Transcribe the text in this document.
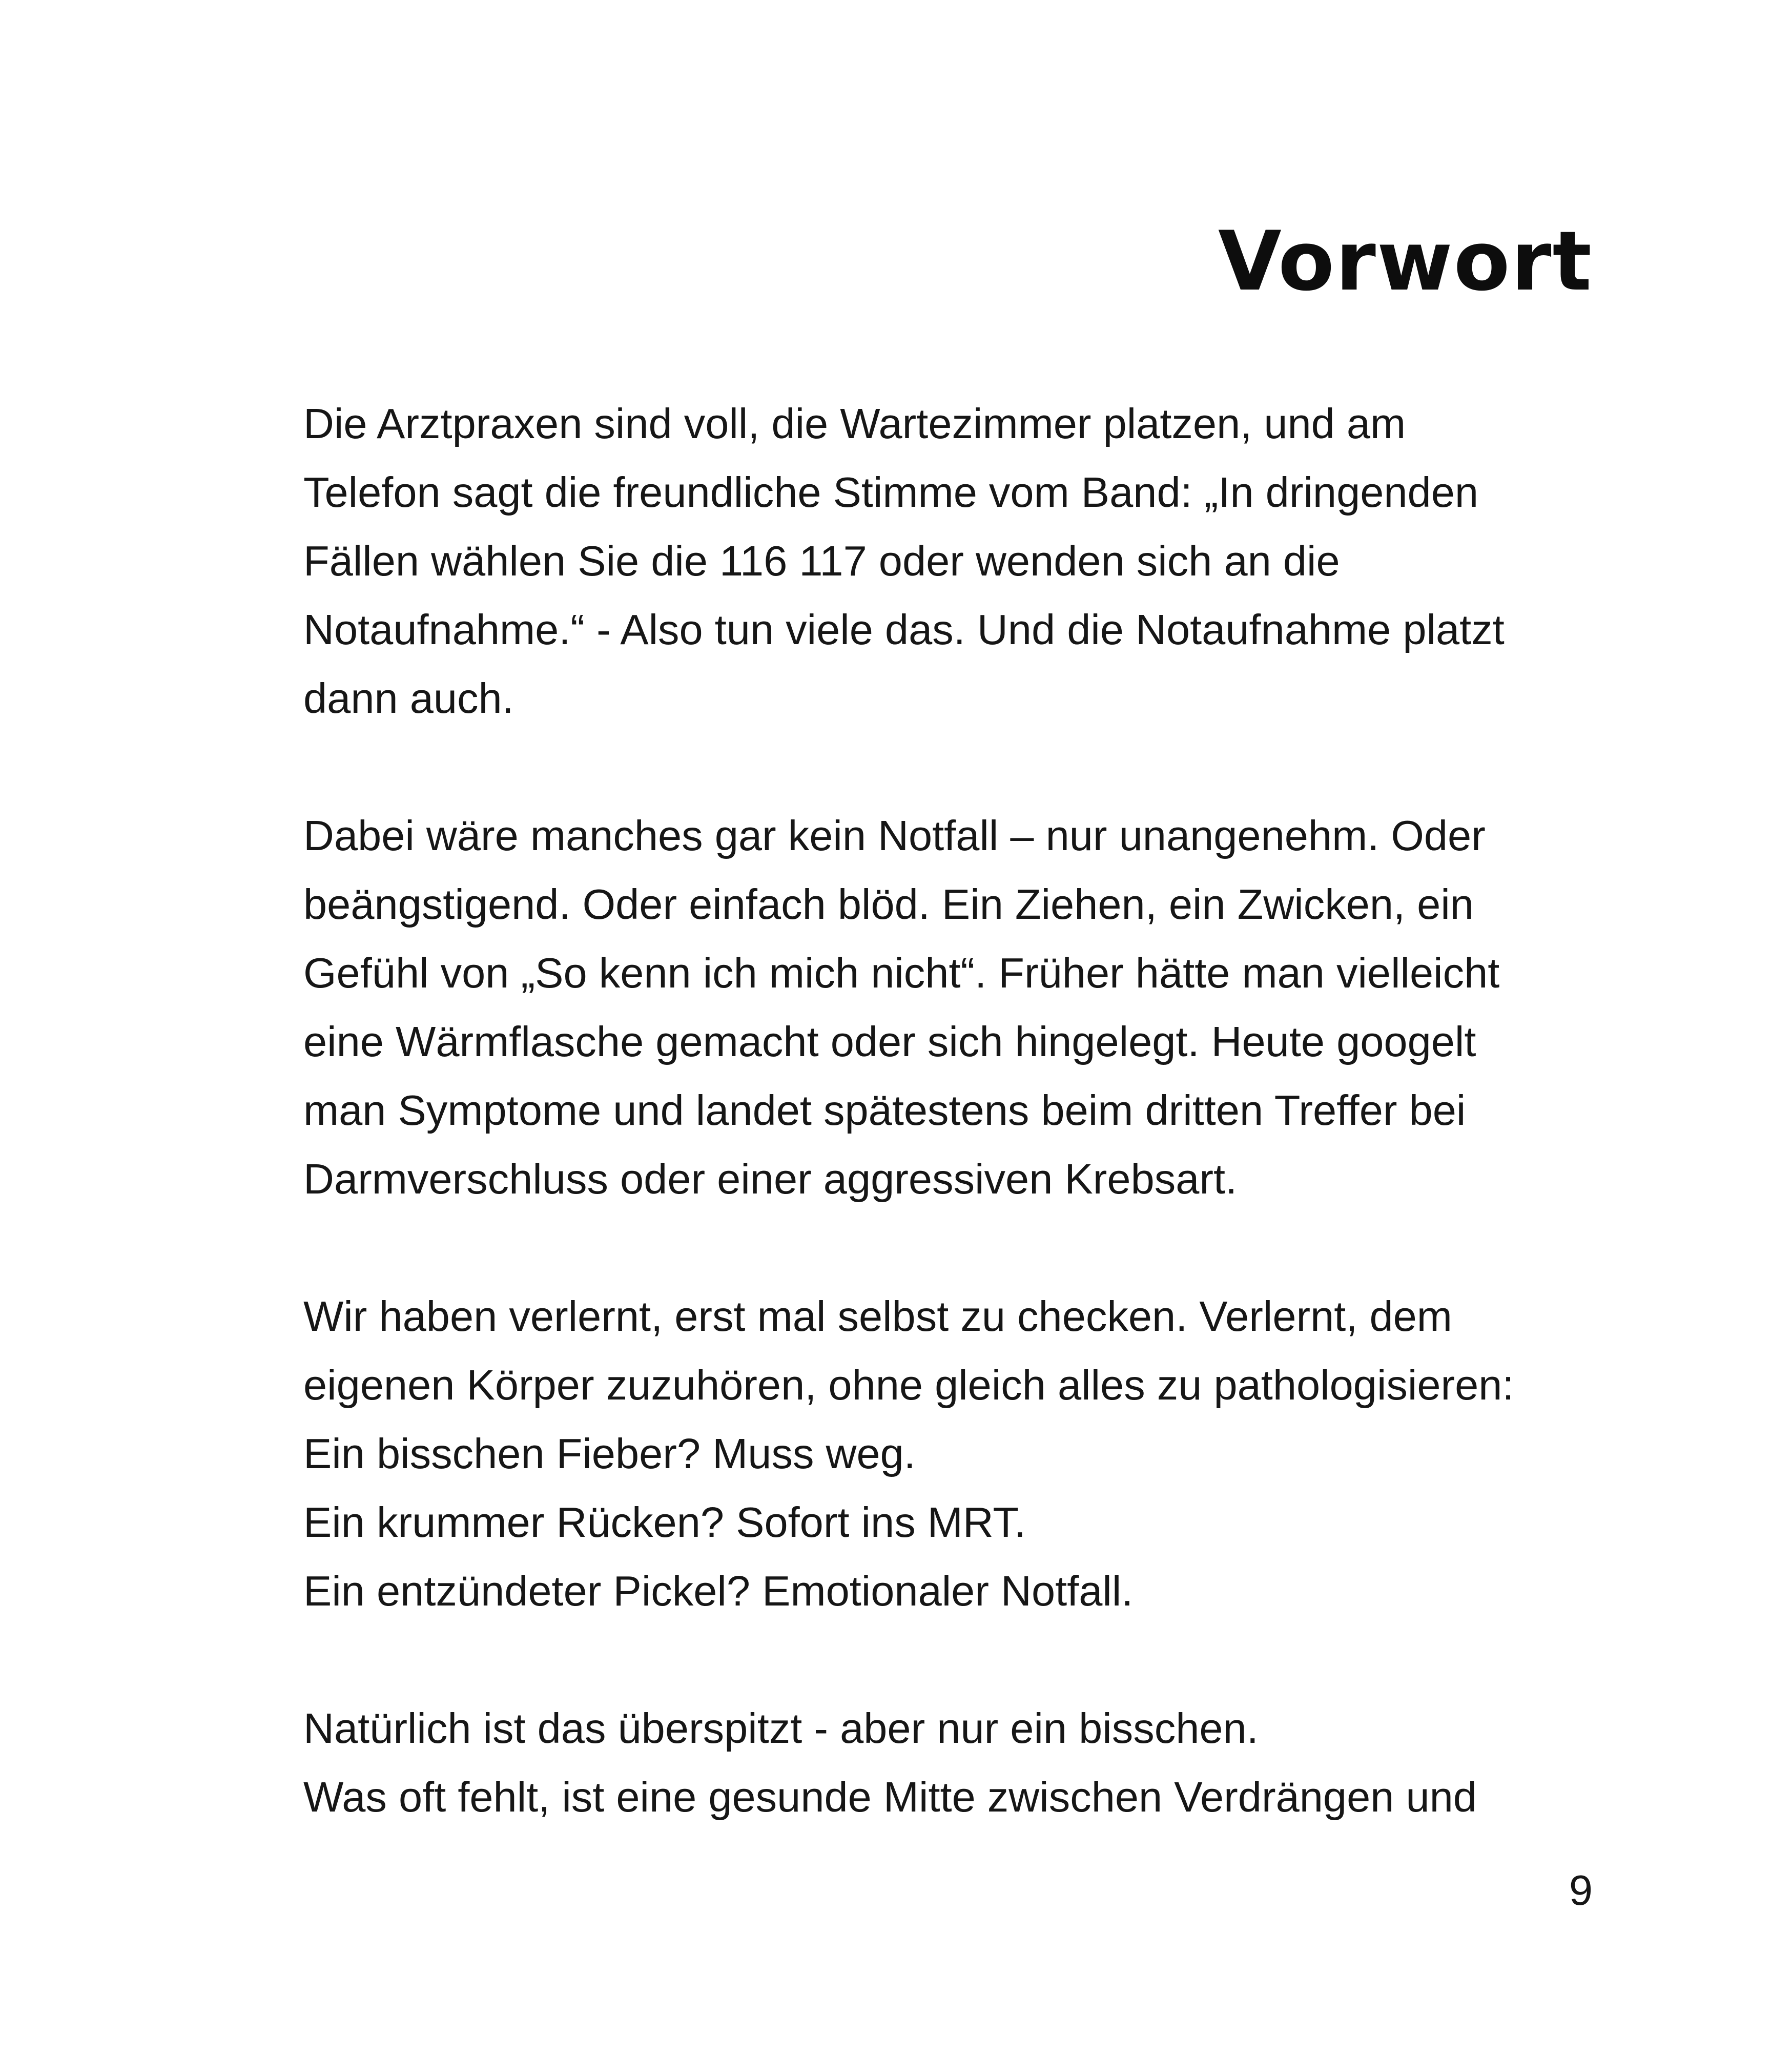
Vorwort
Die Arztpraxen sind voll, die Wartezimmer platzen, und am
Telefon sagt die freundliche Stimme vom Band: „In dringenden
Fällen wählen Sie die 116 117 oder wenden sich an die
Notaufnahme.“ - Also tun viele das. Und die Notaufnahme platzt
dann auch.
Dabei wäre manches gar kein Notfall – nur unangenehm. Oder
beängstigend. Oder einfach blöd. Ein Ziehen, ein Zwicken, ein
Gefühl von „So kenn ich mich nicht“. Früher hätte man vielleicht
eine Wärmflasche gemacht oder sich hingelegt. Heute googelt
man Symptome und landet spätestens beim dritten Treffer bei
Darmverschluss oder einer aggressiven Krebsart.
Wir haben verlernt, erst mal selbst zu checken. Verlernt, dem
eigenen Körper zuzuhören, ohne gleich alles zu pathologisieren:
Ein bisschen Fieber? Muss weg.
Ein krummer Rücken? Sofort ins MRT.
Ein entzündeter Pickel? Emotionaler Notfall.
Natürlich ist das überspitzt - aber nur ein bisschen.
Was oft fehlt, ist eine gesunde Mitte zwischen Verdrängen und
9
